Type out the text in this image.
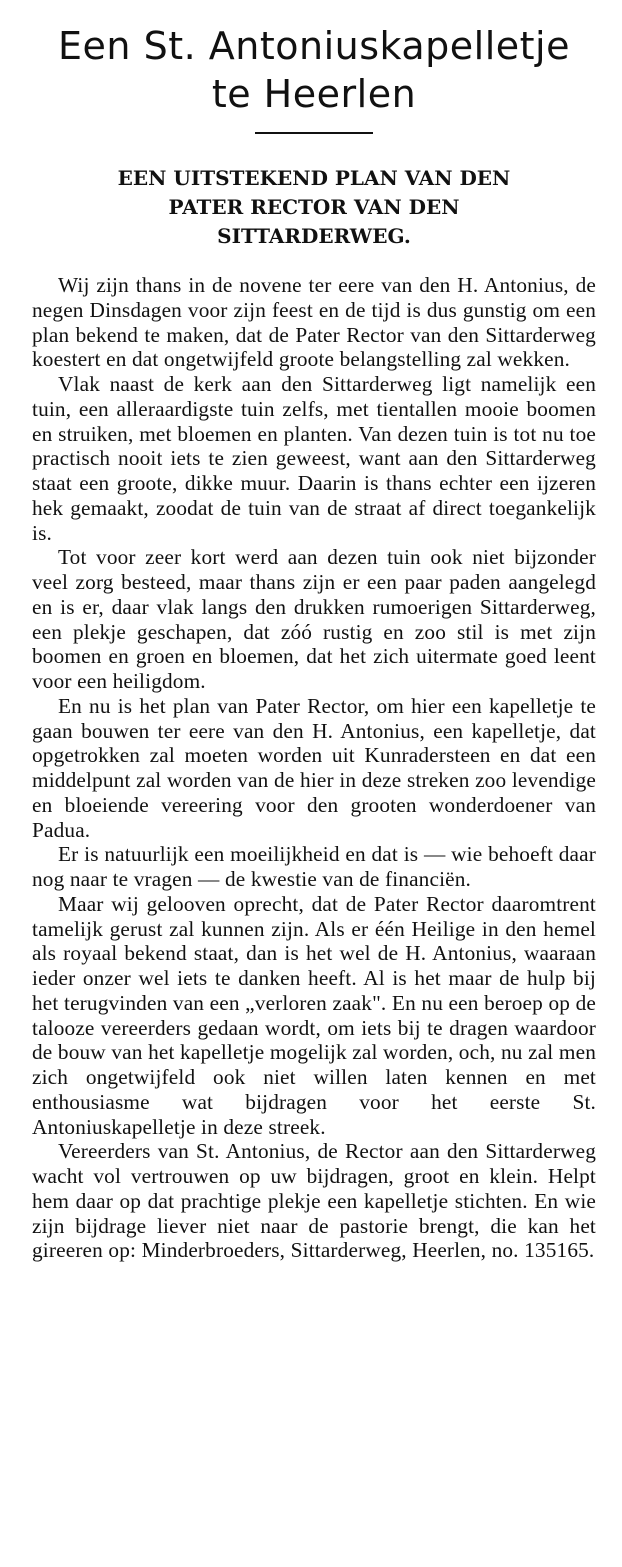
Een St. Antoniuskapelletje
te Heerlen
EEN UITSTEKEND PLAN VAN DEN
PATER RECTOR VAN DEN
SITTARDERWEG.

Wij zijn thans in de novene ter eere van den H. Antonius, de negen Dinsdagen voor zijn feest en de tijd is dus gunstig om een plan bekend te maken, dat de Pater Rector van den Sittarderweg koestert en dat ongetwijfeld groote belangstelling zal wekken.

Vlak naast de kerk aan den Sittarderweg ligt namelijk een tuin, een alleraardigste tuin zelfs, met tientallen mooie boomen en struiken, met bloemen en planten. Van dezen tuin is tot nu toe practisch nooit iets te zien geweest, want aan den Sittarderweg staat een groote, dikke muur. Daarin is thans echter een ijzeren hek gemaakt, zoodat de tuin van de straat af direct toegankelijk is.

Tot voor zeer kort werd aan dezen tuin ook niet bijzonder veel zorg besteed, maar thans zijn er een paar paden aangelegd en is er, daar vlak langs den drukken rumoerigen Sittarderweg, een plekje geschapen, dat zóó rustig en zoo stil is met zijn boomen en groen en bloemen, dat het zich uitermate goed leent voor een heiligdom.

En nu is het plan van Pater Rector, om hier een kapelletje te gaan bouwen ter eere van den H. Antonius, een kapelletje, dat opgetrokken zal moeten worden uit Kunradersteen en dat een middelpunt zal worden van de hier in deze streken zoo levendige en bloeiende vereering voor den grooten wonderdoener van Padua.

Er is natuurlijk een moeilijkheid en dat is — wie behoeft daar nog naar te vragen — de kwestie van de financiën.

Maar wij gelooven oprecht, dat de Pater Rector daaromtrent tamelijk gerust zal kunnen zijn. Als er één Heilige in den hemel als royaal bekend staat, dan is het wel de H. Antonius, waaraan ieder onzer wel iets te danken heeft. Al is het maar de hulp bij het terugvinden van een „verloren zaak". En nu een beroep op de talooze vereerders gedaan wordt, om iets bij te dragen waardoor de bouw van het kapelletje mogelijk zal worden, och, nu zal men zich ongetwijfeld ook niet willen laten kennen en met enthousiasme wat bijdragen voor het eerste St. Antoniuskapelletje in deze streek.

Vereerders van St. Antonius, de Rector aan den Sittarderweg wacht vol vertrouwen op uw bijdragen, groot en klein. Helpt hem daar op dat prachtige plekje een kapelletje stichten. En wie zijn bijdrage liever niet naar de pastorie brengt, die kan het gireeren op: Minderbroeders, Sittarderweg, Heerlen, no. 135165.
